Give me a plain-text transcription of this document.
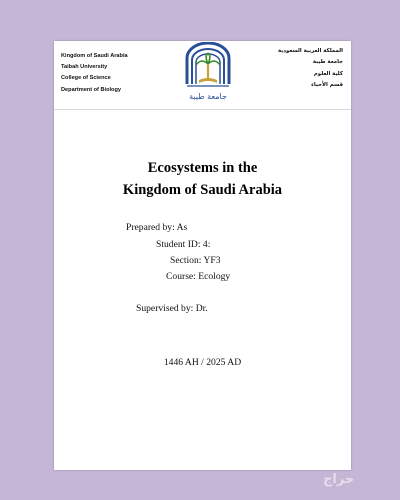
Kingdom of Saudi Arabia
Taibah University
College of Science
Department of Biology
جامعة طيبة
المملكة العربية السعودية
جامعة طيبة
كلية العلوم
قسم الأحياء
Ecosystems in the
Kingdom of Saudi Arabia
Prepared by: As
Student ID: 4:
Section: YF3
Course: Ecology
Supervised by: Dr.
1446 AH / 2025 AD
حراج
